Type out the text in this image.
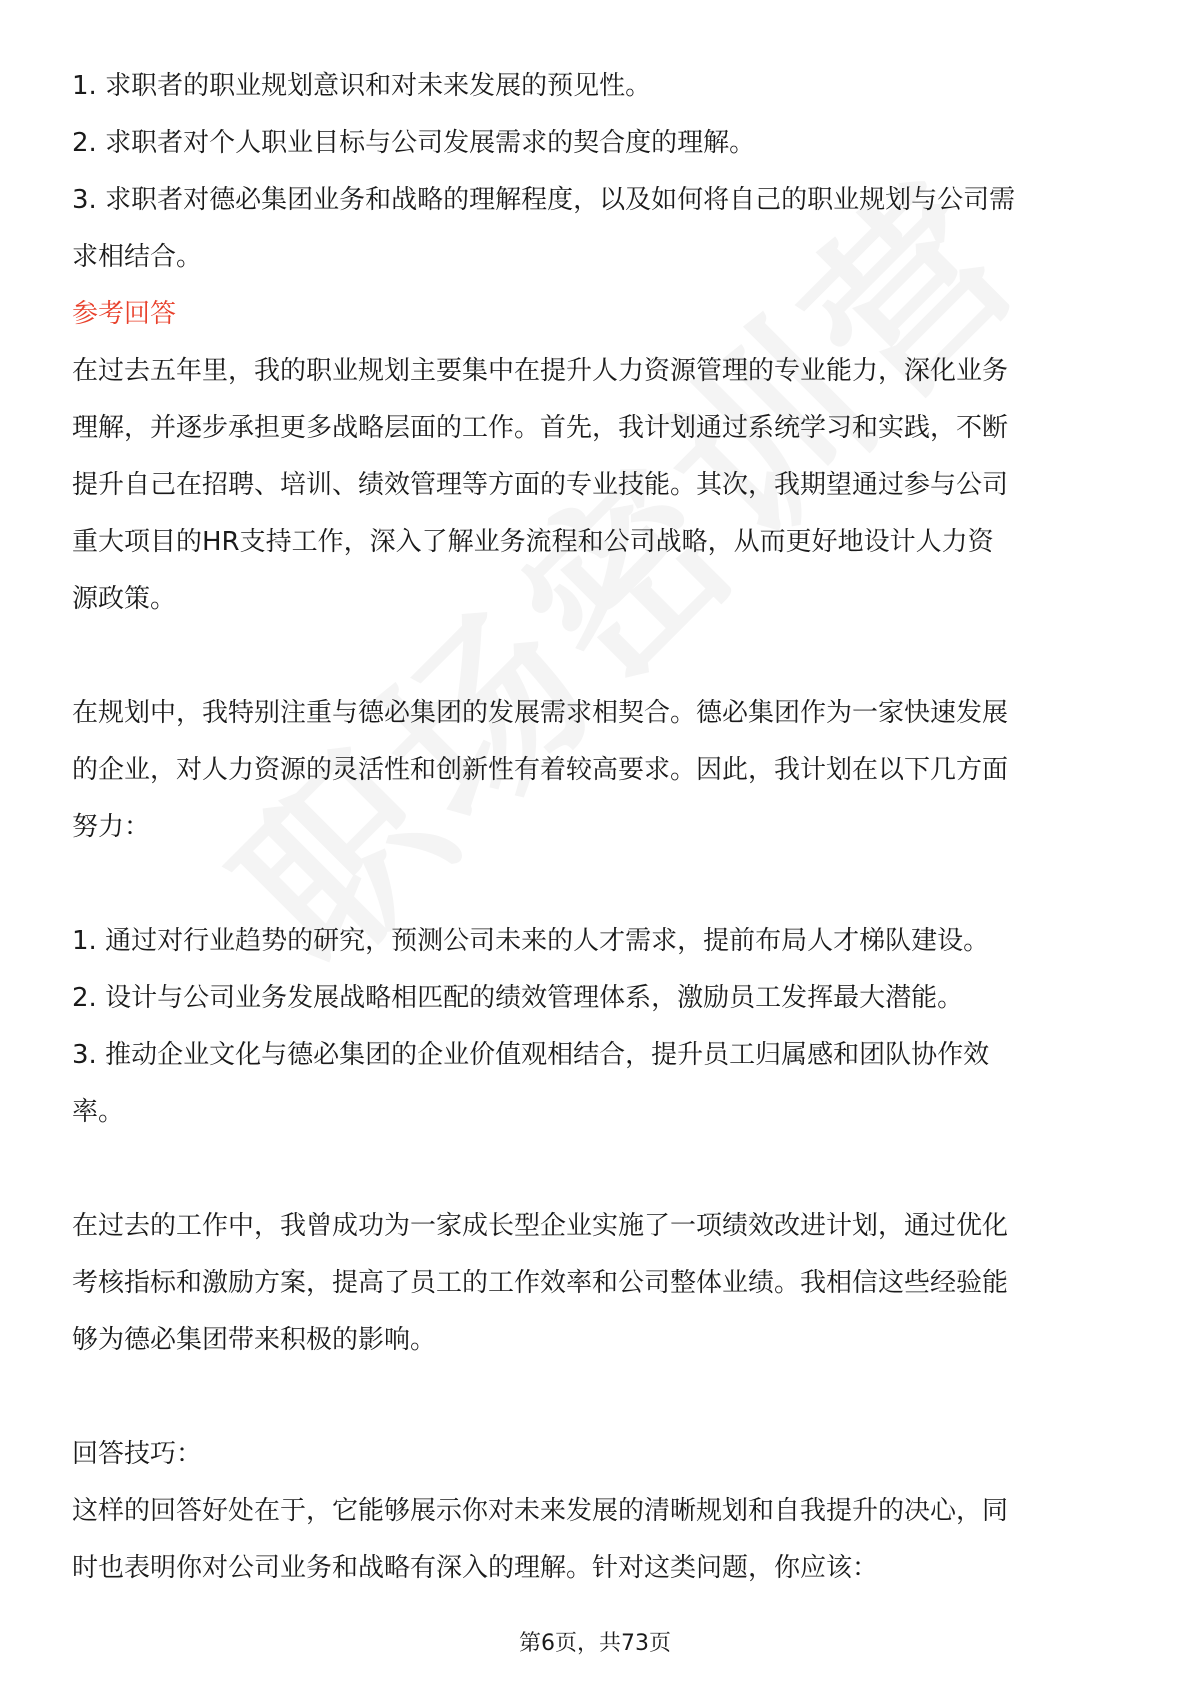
1. 求职者的职业规划意识和对未来发展的预见性。
2. 求职者对个人职业目标与公司发展需求的契合度的理解。
3. 求职者对德必集团业务和战略的理解程度，以及如何将自己的职业规划与公司需
求相结合。
参考回答
在过去五年里，我的职业规划主要集中在提升人力资源管理的专业能力，深化业务
理解，并逐步承担更多战略层面的工作。首先，我计划通过系统学习和实践，不断
提升自己在招聘、培训、绩效管理等方面的专业技能。其次，我期望通过参与公司
重大项目的HR支持工作，深入了解业务流程和公司战略，从而更好地设计人力资
源政策。
在规划中，我特别注重与德必集团的发展需求相契合。德必集团作为一家快速发展
的企业，对人力资源的灵活性和创新性有着较高要求。因此，我计划在以下几方面
努力：
1. 通过对行业趋势的研究，预测公司未来的人才需求，提前布局人才梯队建设。
2. 设计与公司业务发展战略相匹配的绩效管理体系，激励员工发挥最大潜能。
3. 推动企业文化与德必集团的企业价值观相结合，提升员工归属感和团队协作效
率。
在过去的工作中，我曾成功为一家成长型企业实施了一项绩效改进计划，通过优化
考核指标和激励方案，提高了员工的工作效率和公司整体业绩。我相信这些经验能
够为德必集团带来积极的影响。
回答技巧：
这样的回答好处在于，它能够展示你对未来发展的清晰规划和自我提升的决心，同
时也表明你对公司业务和战略有深入的理解。针对这类问题，你应该：
第6页，共73页
